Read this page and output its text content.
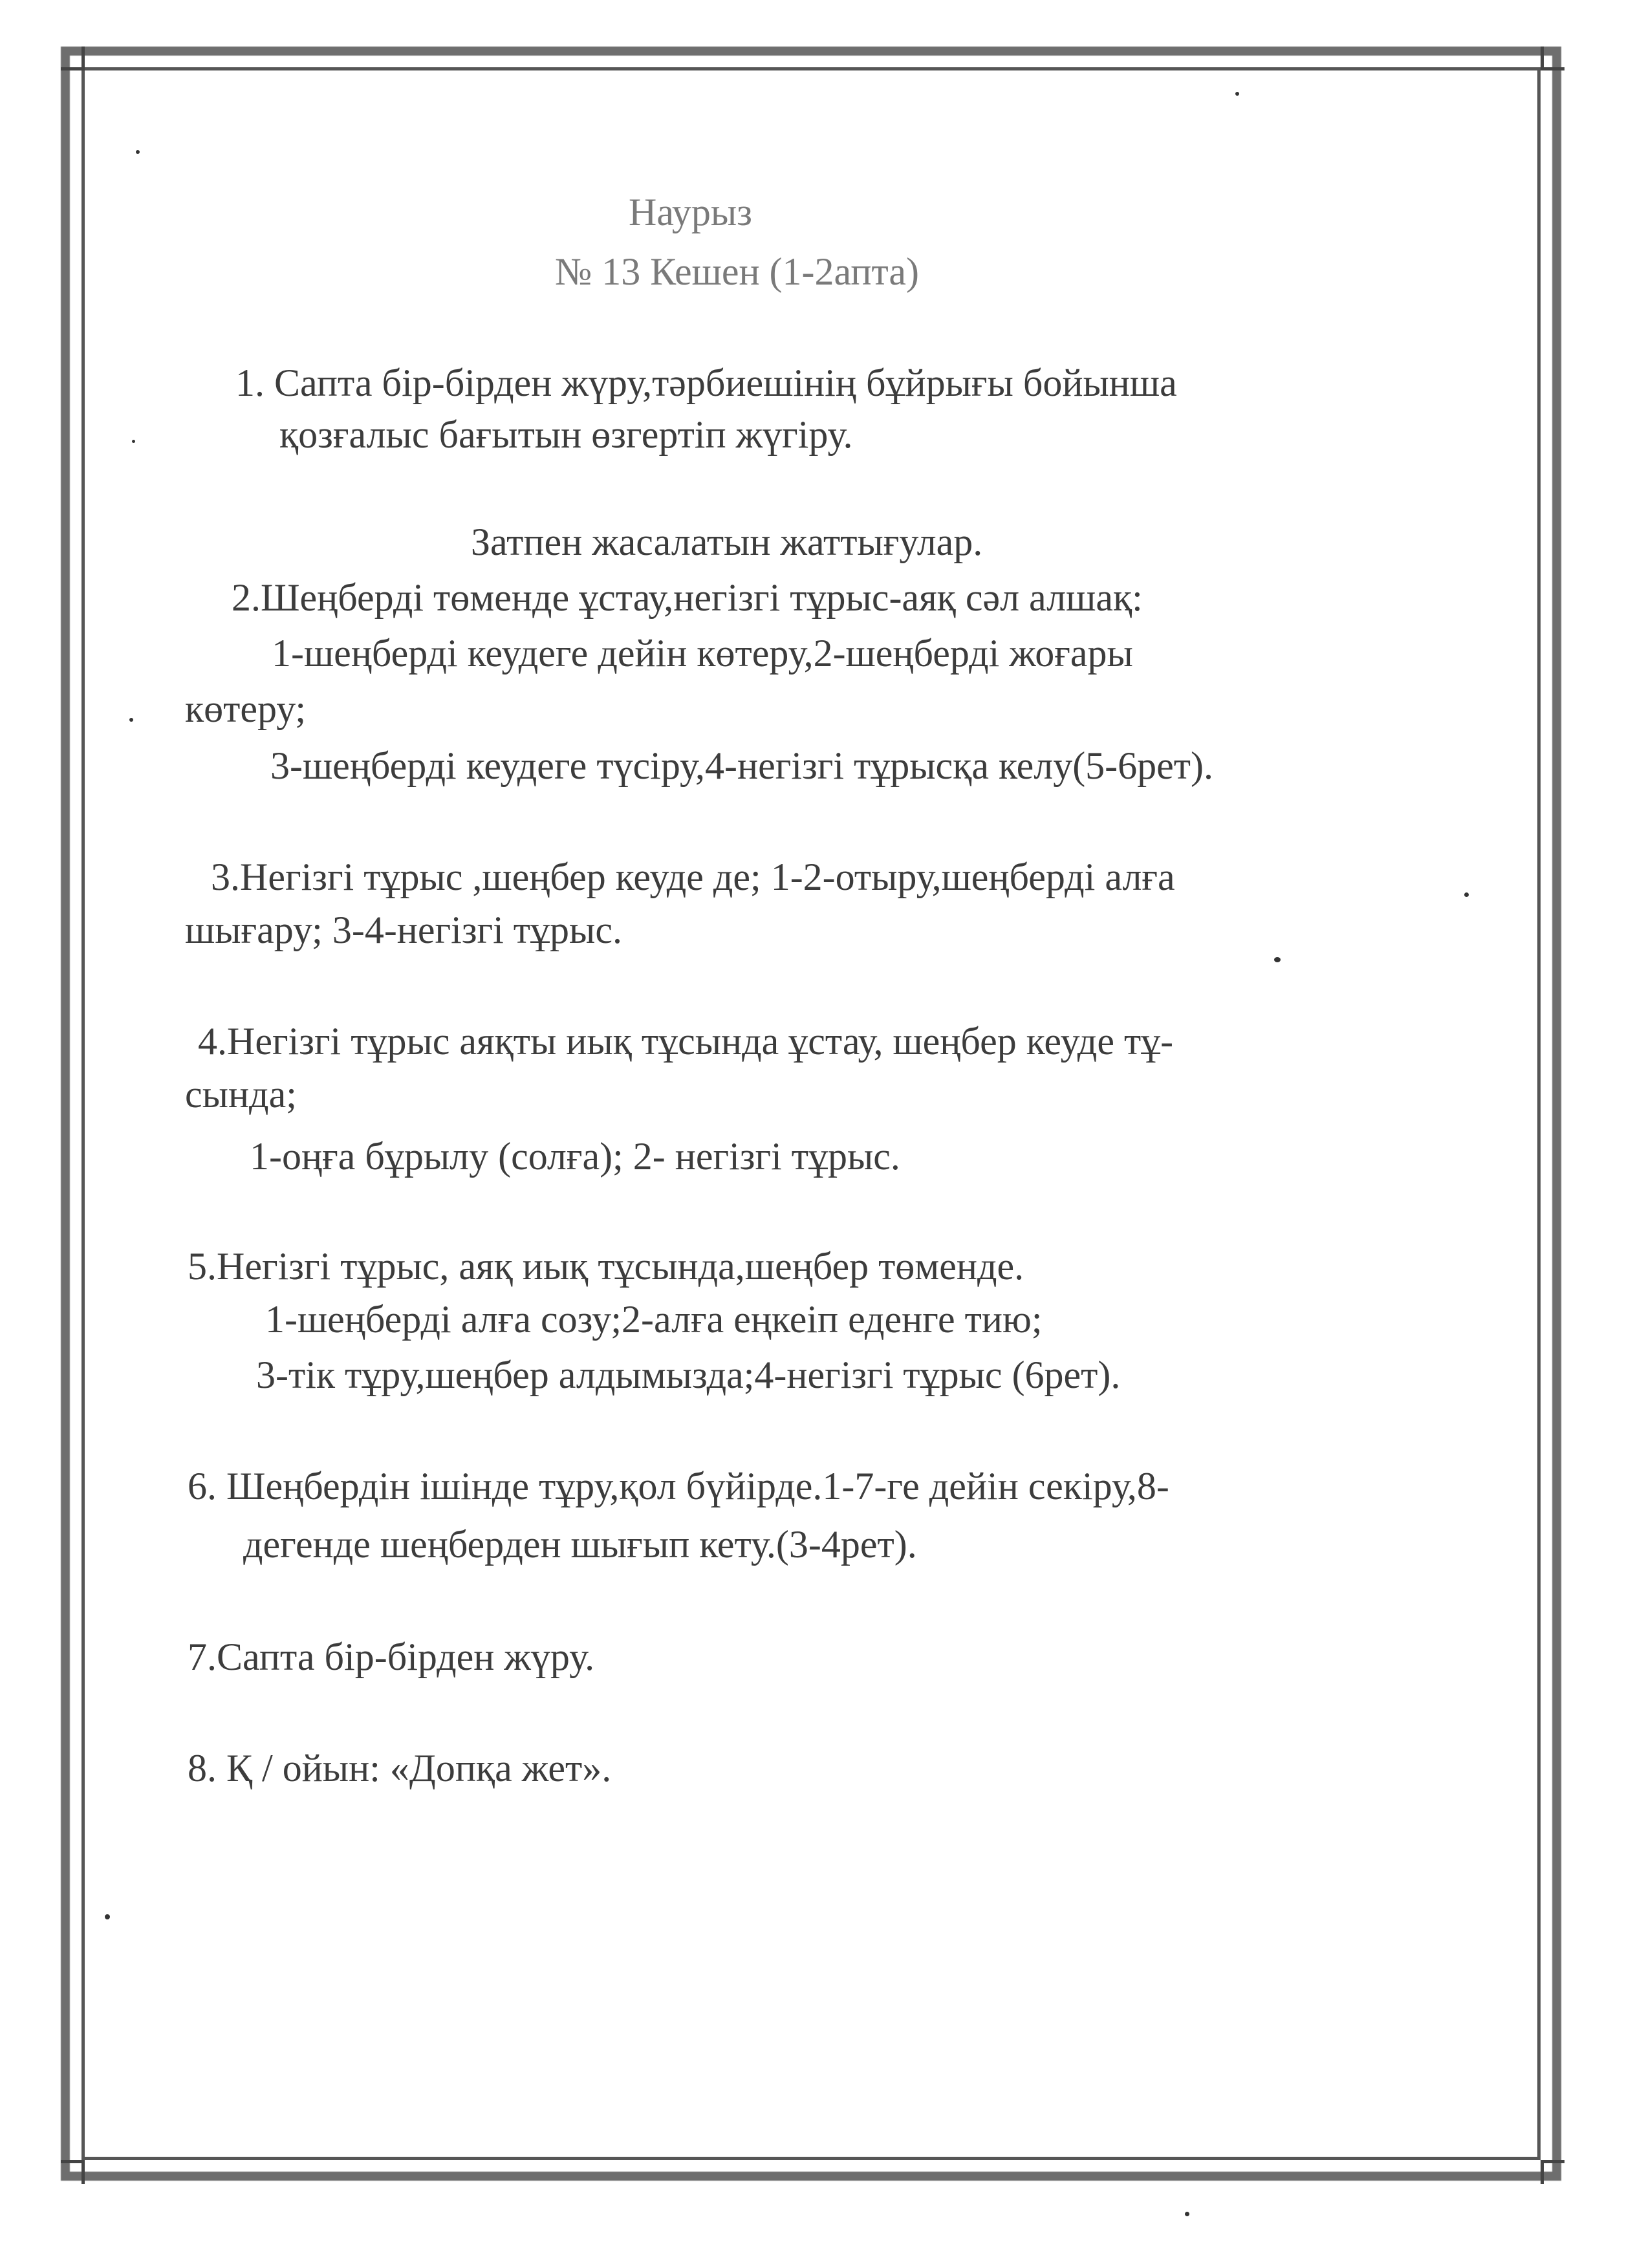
Наурыз
№ 13 Кешен (1-2апта)
1. Сапта бір-бірден жүру,тәрбиешінің бұйрығы бойынша
қозғалыс бағытын өзгертіп жүгіру.
Затпен жасалатын жаттығулар.
2.Шеңберді төменде ұстау,негізгі тұрыс-аяқ сәл алшақ:
1-шеңберді кеудеге дейін көтеру,2-шеңберді жоғары
көтеру;
3-шеңберді кеудеге түсіру,4-негізгі тұрысқа келу(5-6рет).
3.Негізгі тұрыс ,шеңбер кеуде де; 1-2-отыру,шеңберді алға
шығару; 3-4-негізгі тұрыс.
4.Негізгі тұрыс аяқты иық тұсында ұстау, шеңбер кеуде тұ-
сында;
1-оңға бұрылу (солға); 2- негізгі тұрыс.
5.Негізгі тұрыс, аяқ иық тұсында,шеңбер төменде.
1-шеңберді алға созу;2-алға еңкеіп еденге тию;
3-тік тұру,шеңбер алдымызда;4-негізгі тұрыс (6рет).
6. Шеңбердін ішінде тұру,қол бүйірде.1-7-ге дейін секіру,8-
дегенде шеңберден шығып кету.(3-4рет).
7.Сапта бір-бірден жүру.
8. Қ / ойын: «Допқа жет».
